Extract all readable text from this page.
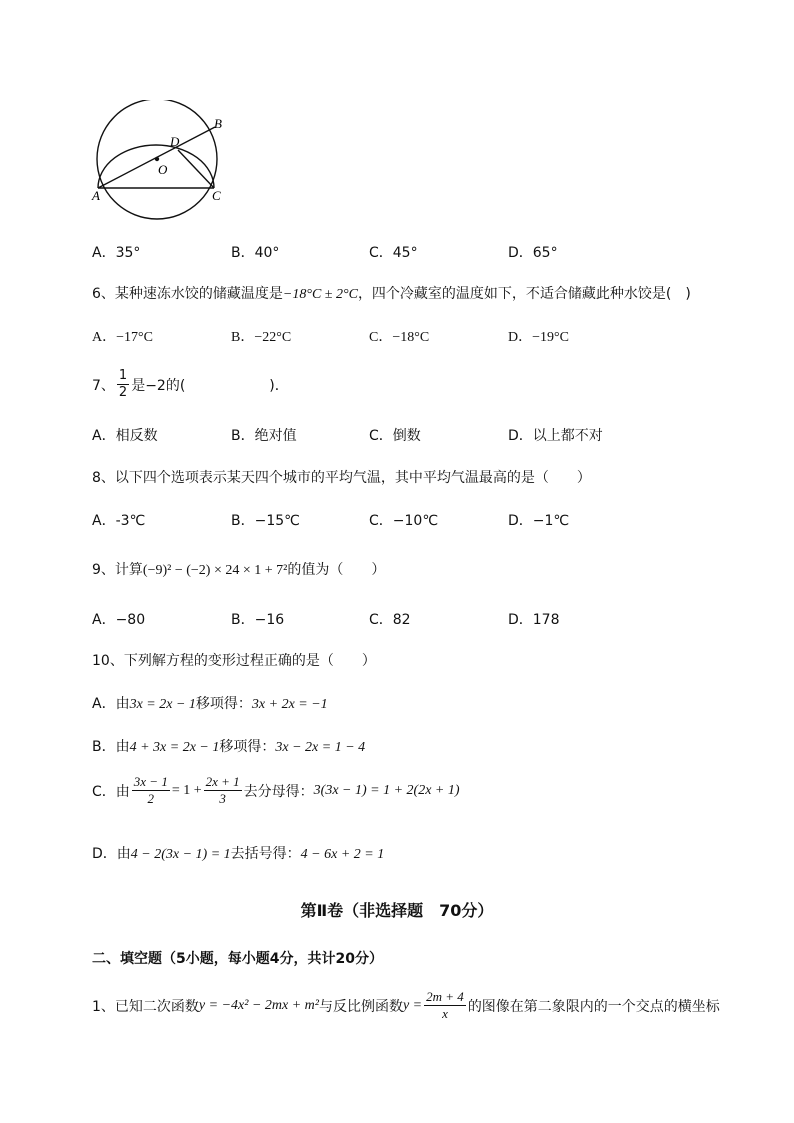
A
B
C
D
O
A．35°	B．40°	C．45°	D．65°
6、某种速冻水饺的储藏温度是−18°C ± 2°C，四个冷藏室的温度如下，不适合储藏此种水饺是(　)
A．−17°C	B．−22°C	C．−18°C	D．−19°C
7、 $\frac{1}{2}$ 是−2的(　　　　　　)．
A．相反数	B．绝对值	C．倒数	D．以上都不对
8、以下四个选项表示某天四个城市的平均气温，其中平均气温最高的是（　　）
A．-3℃	B．−15℃	C．−10℃	D．−1℃
9、计算(−9)² − (−2) × 24 × 1 + 7²的值为（　　）
A．−80	B．−16	C．82	D．178
10、下列解方程的变形过程正确的是（　　）
A．由3x = 2x − 1移项得：3x + 2x = −1
B．由4 + 3x = 2x − 1移项得：3x − 2x = 1 − 4
C．由 $\frac{3x - 1}{2} = 1 + \frac{2x + 1}{3}$ 去分母得： 3(3x − 1) = 1 + 2(2x + 1)
D．由4 − 2(3x − 1) = 1去括号得：4 − 6x + 2 = 1
第Ⅱ卷（非选择题　70分）
二、填空题（5小题，每小题4分，共计20分）
1、已知二次函数 y = −4x² − 2mx + m² 与反比例函数 $y = \frac{2m + 4}{x}$ 的图像在第二象限内的一个交点的横坐标
